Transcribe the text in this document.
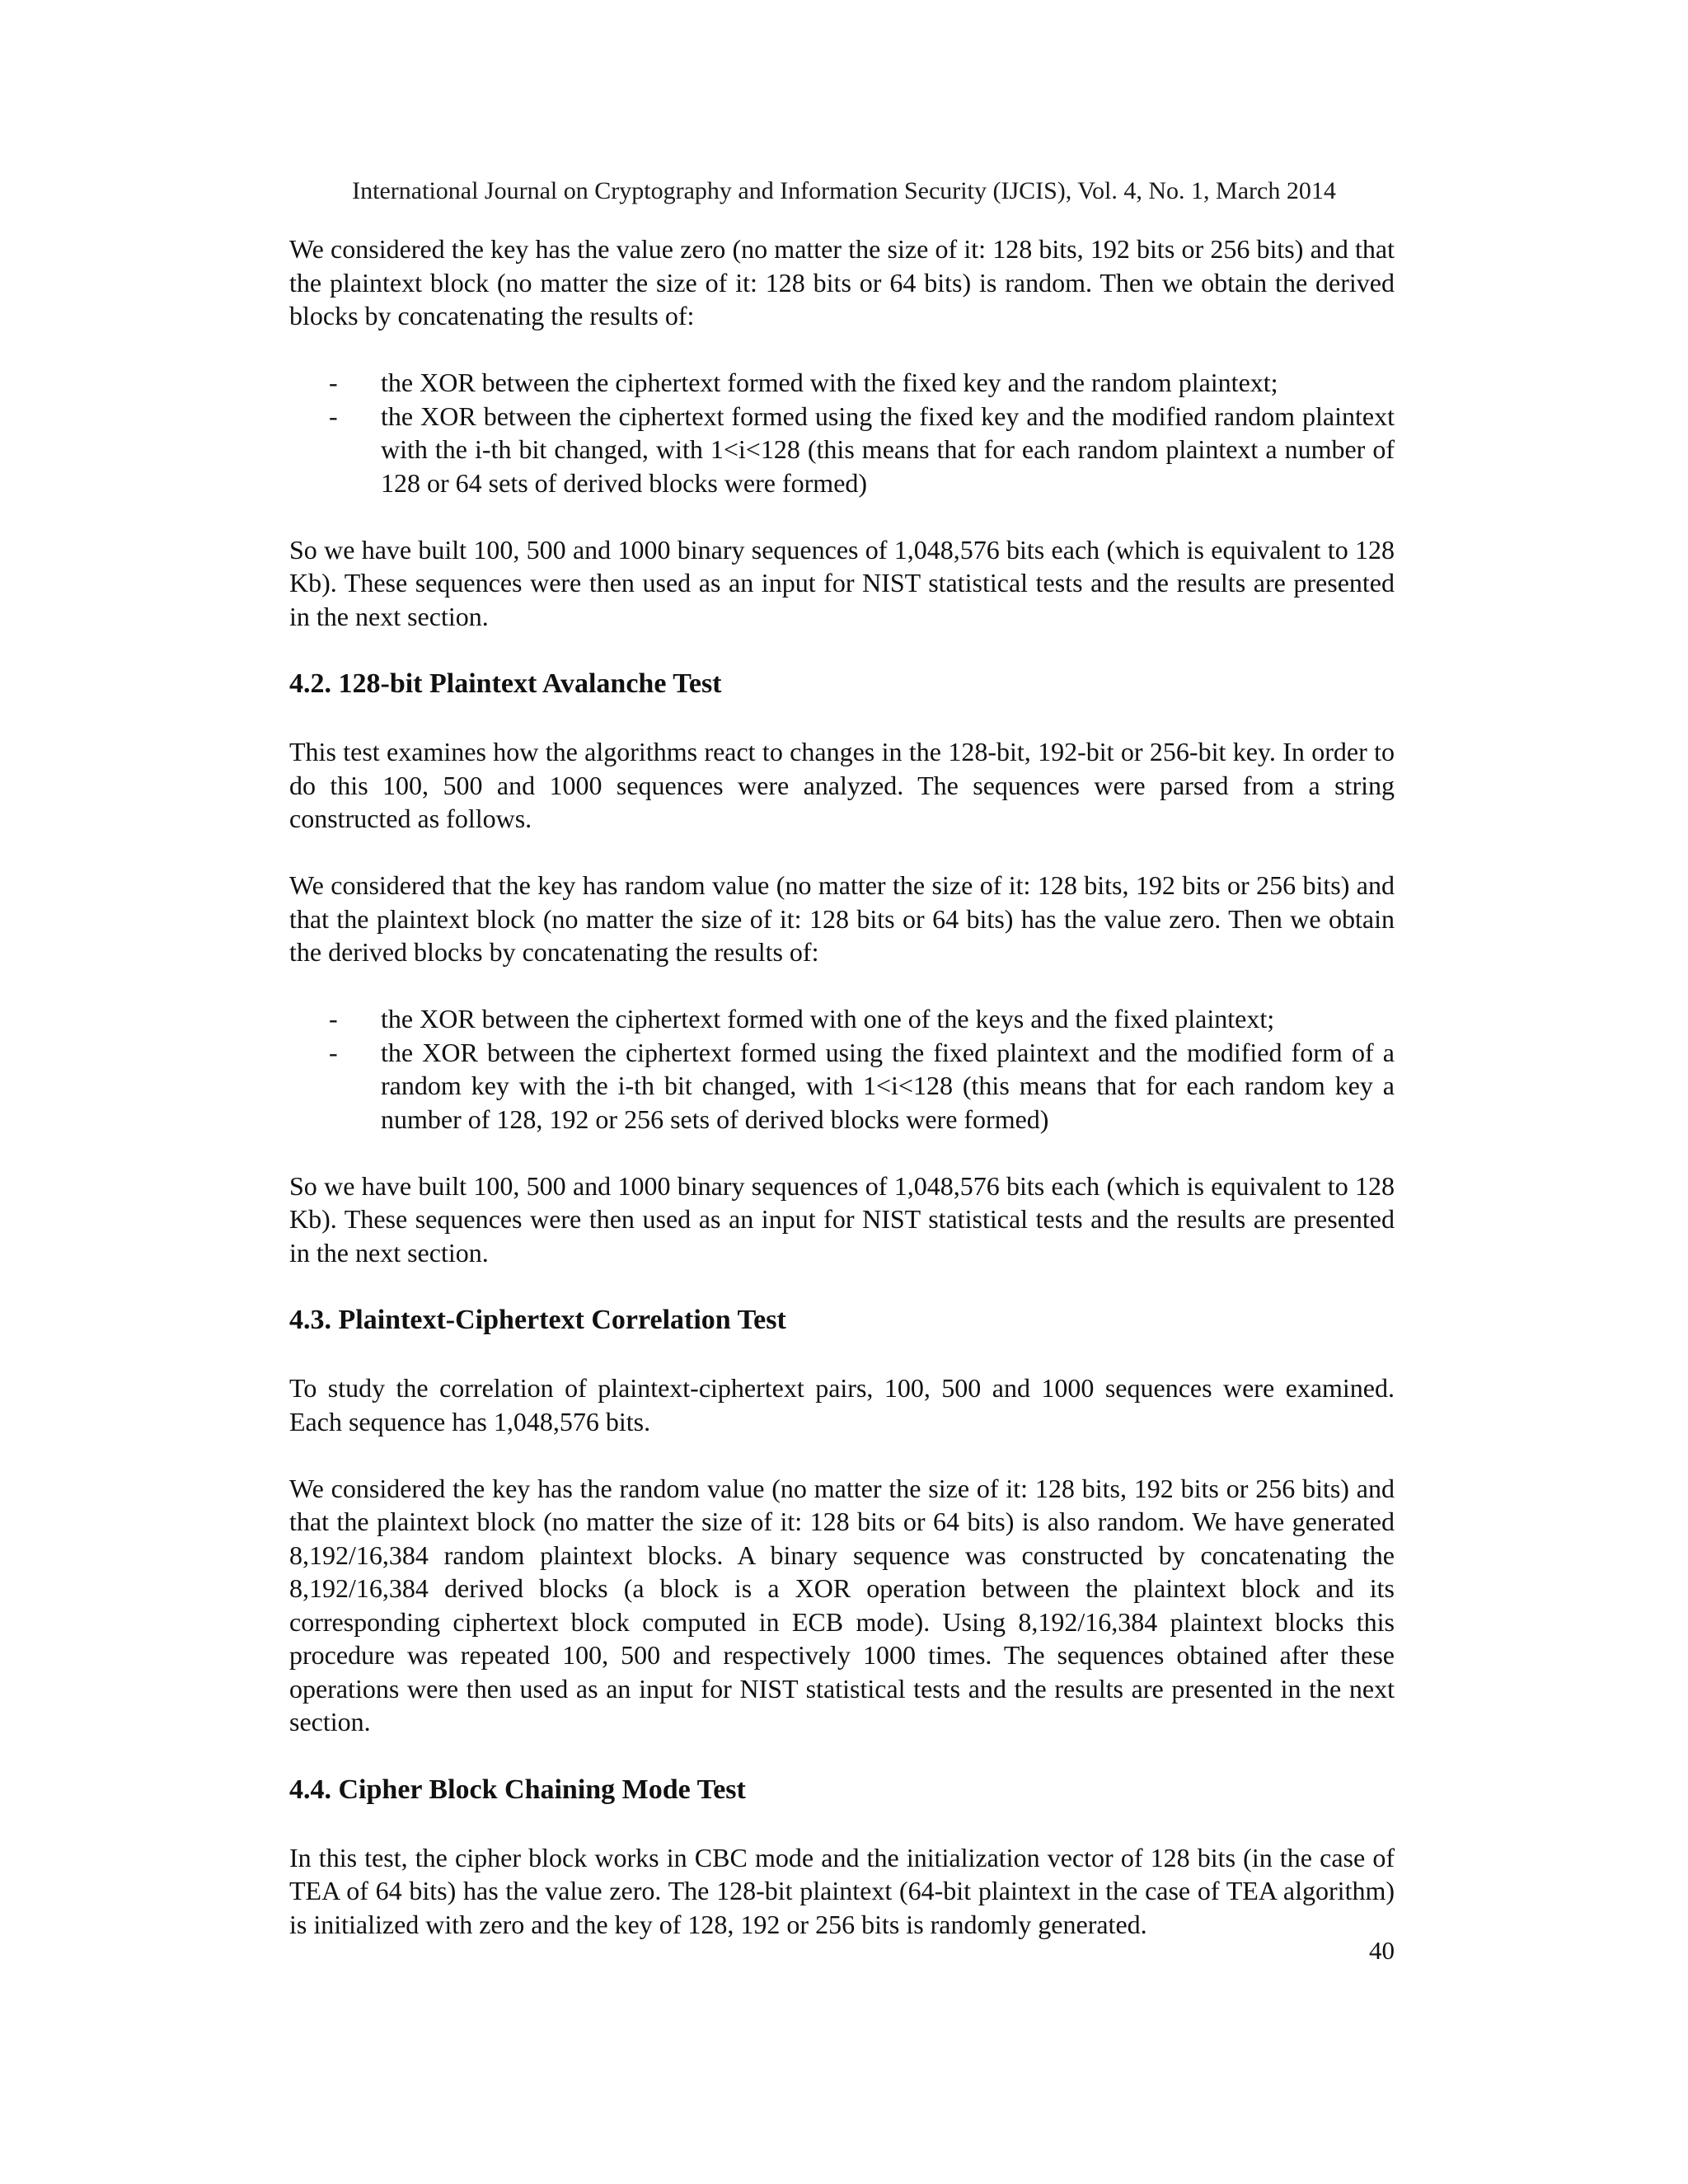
International Journal on Cryptography and Information Security (IJCIS), Vol. 4, No. 1, March 2014

We considered the key has the value zero (no matter the size of it: 128 bits, 192 bits or 256 bits) and that the plaintext block (no matter the size of it: 128 bits or 64 bits) is random. Then we obtain the derived blocks by concatenating the results of:

- the XOR between the ciphertext formed with the fixed key and the random plaintext;
- the XOR between the ciphertext formed using the fixed key and the modified random plaintext with the i-th bit changed, with 1<i<128 (this means that for each random plaintext a number of 128 or 64 sets of derived blocks were formed)

So we have built 100, 500 and 1000 binary sequences of 1,048,576 bits each (which is equivalent to 128 Kb). These sequences were then used as an input for NIST statistical tests and the results are presented in the next section.

4.2. 128-bit Plaintext Avalanche Test

This test examines how the algorithms react to changes in the 128-bit, 192-bit or 256-bit key. In order to do this 100, 500 and 1000 sequences were analyzed. The sequences were parsed from a string constructed as follows.

We considered that the key has random value (no matter the size of it: 128 bits, 192 bits or 256 bits) and that the plaintext block (no matter the size of it: 128 bits or 64 bits) has the value zero. Then we obtain the derived blocks by concatenating the results of:

- the XOR between the ciphertext formed with one of the keys and the fixed plaintext;
- the XOR between the ciphertext formed using the fixed plaintext and the modified form of a random key with the i-th bit changed, with 1<i<128 (this means that for each random key a number of 128, 192 or 256 sets of derived blocks were formed)

So we have built 100, 500 and 1000 binary sequences of 1,048,576 bits each (which is equivalent to 128 Kb). These sequences were then used as an input for NIST statistical tests and the results are presented in the next section.

4.3. Plaintext-Ciphertext Correlation Test

To study the correlation of plaintext-ciphertext pairs, 100, 500 and 1000 sequences were examined. Each sequence has 1,048,576 bits.

We considered the key has the random value (no matter the size of it: 128 bits, 192 bits or 256 bits) and that the plaintext block (no matter the size of it: 128 bits or 64 bits) is also random. We have generated 8,192/16,384 random plaintext blocks. A binary sequence was constructed by concatenating the 8,192/16,384 derived blocks (a block is a XOR operation between the plaintext block and its corresponding ciphertext block computed in ECB mode). Using 8,192/16,384 plaintext blocks this procedure was repeated 100, 500 and respectively 1000 times. The sequences obtained after these operations were then used as an input for NIST statistical tests and the results are presented in the next section.

4.4. Cipher Block Chaining Mode Test

In this test, the cipher block works in CBC mode and the initialization vector of 128 bits (in the case of TEA of 64 bits) has the value zero. The 128-bit plaintext (64-bit plaintext in the case of TEA algorithm) is initialized with zero and the key of 128, 192 or 256 bits is randomly generated.

40
